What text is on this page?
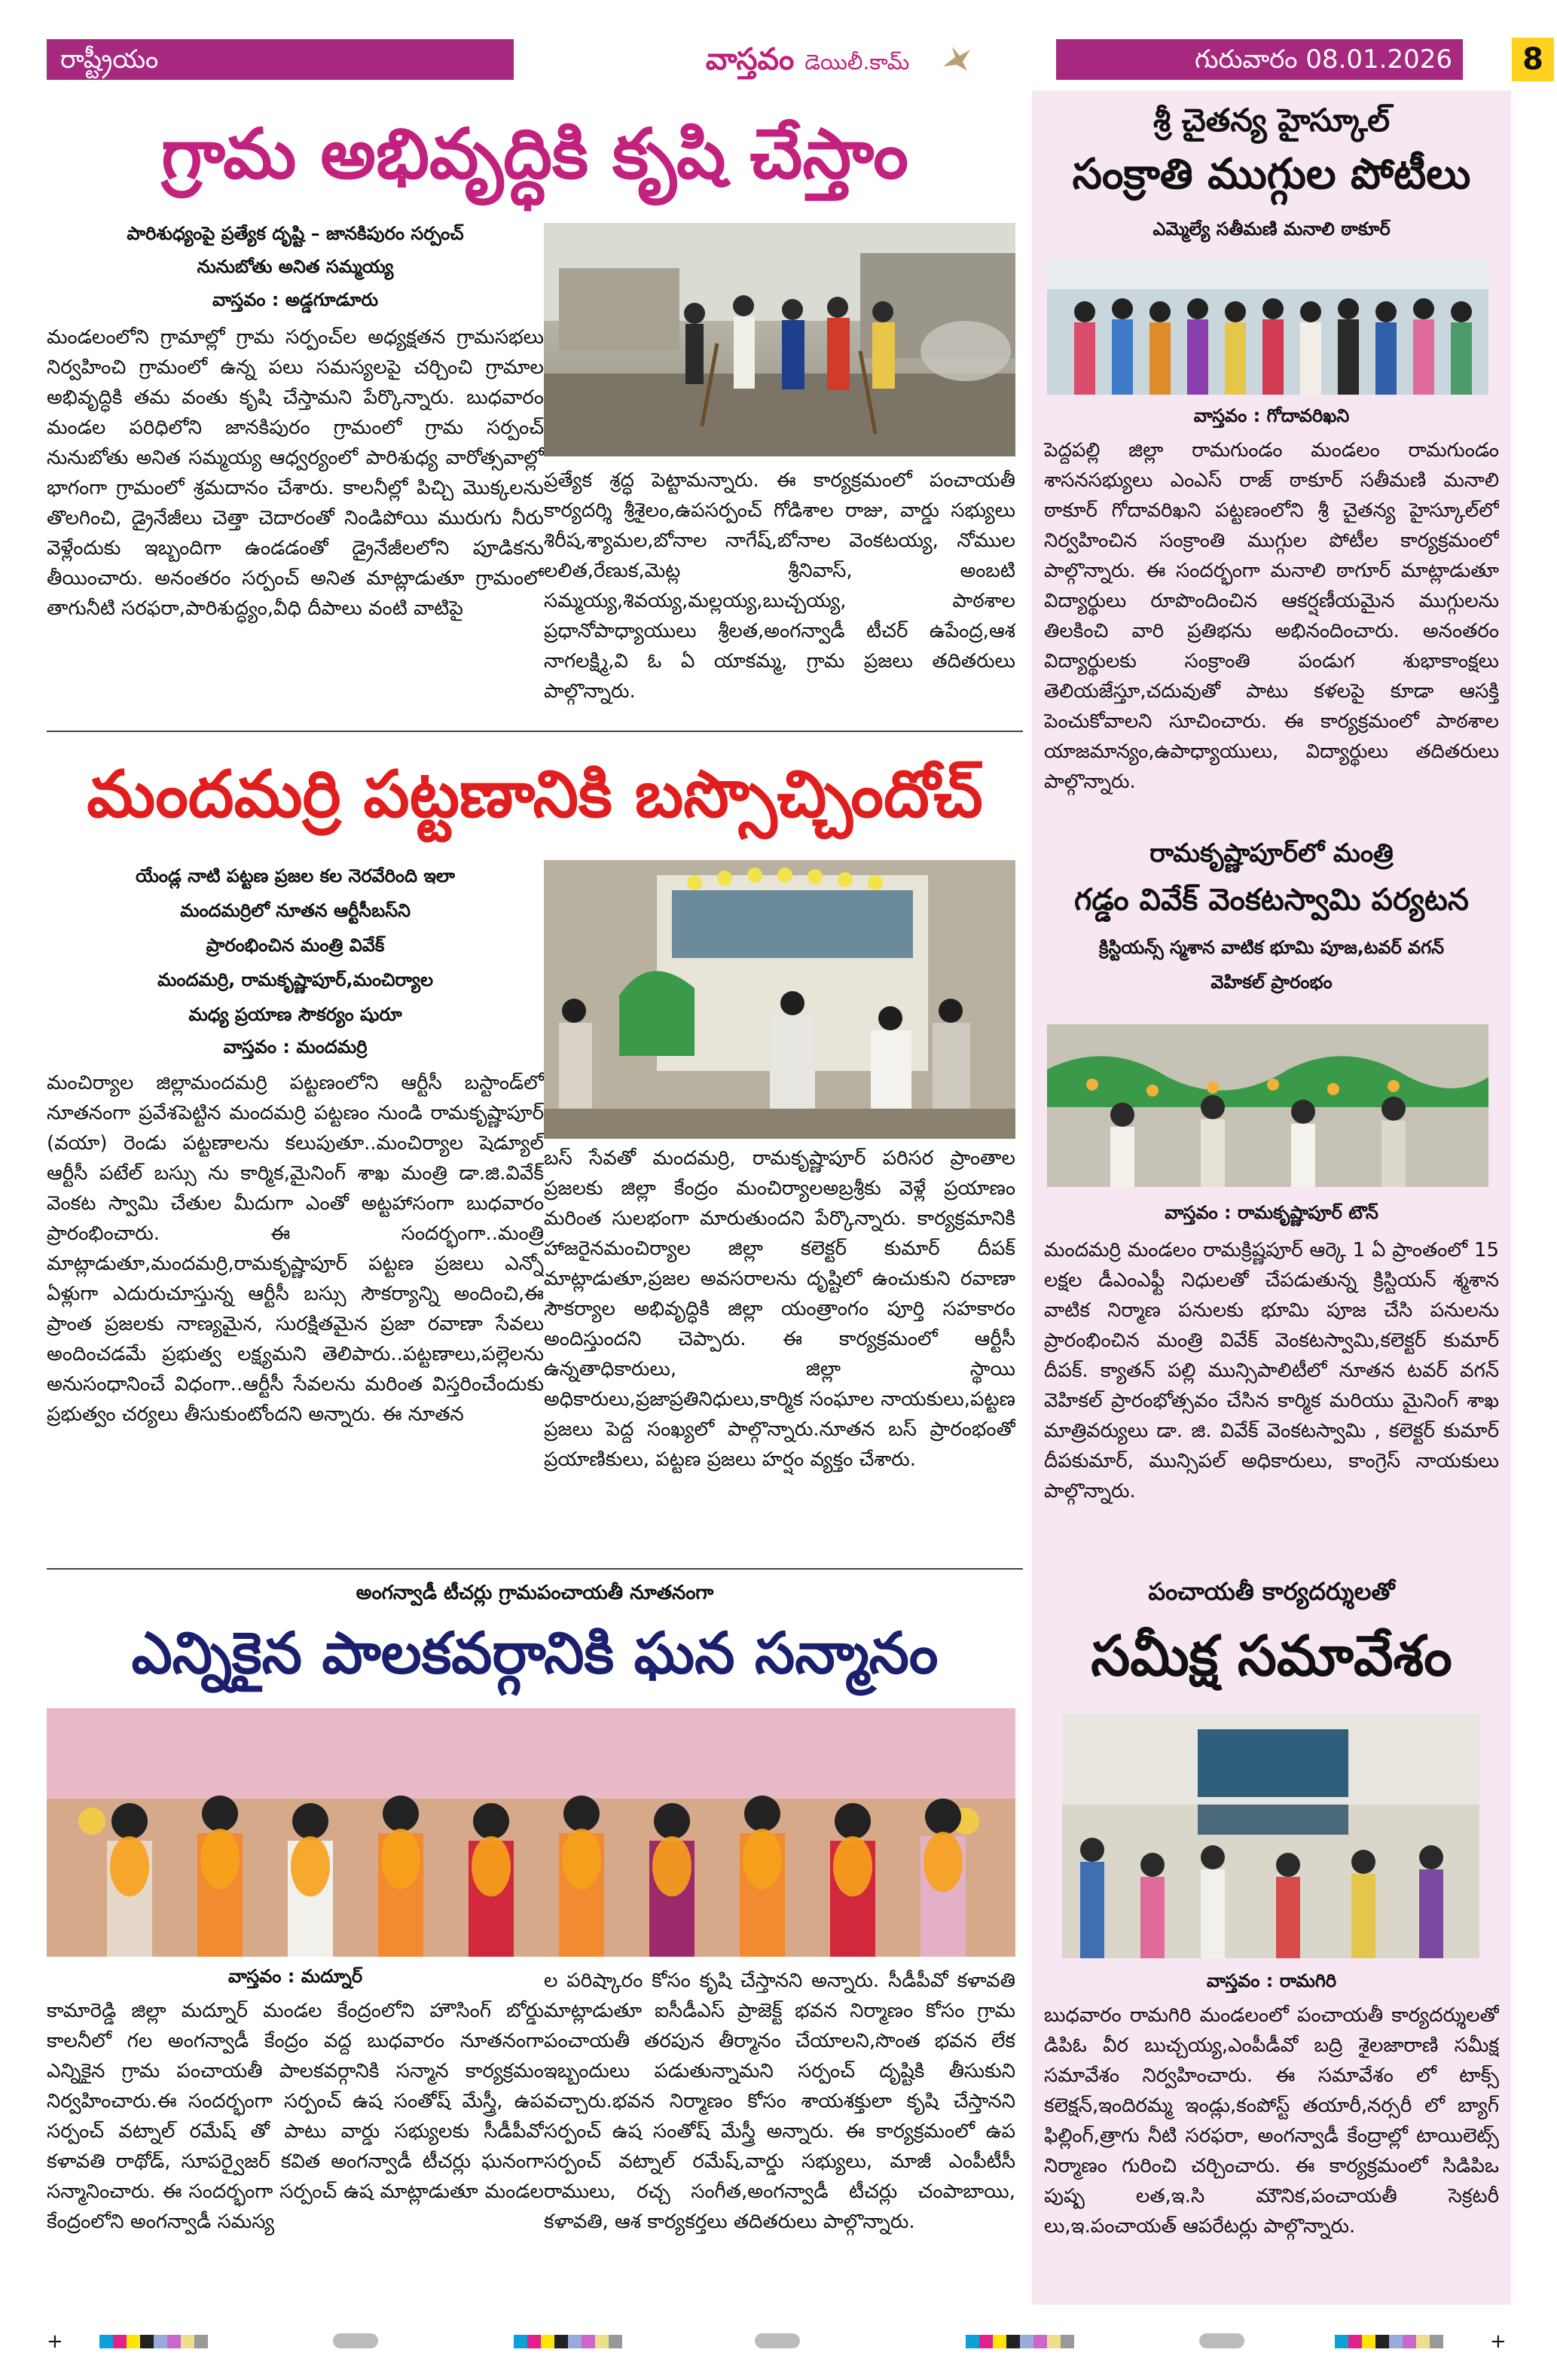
రాష్ట్రీయం	వాస్తవం డెయిలీ.కామ్	గురువారం 08.01.2026	8
గ్రామ అభివృద్ధికి కృషి చేస్తాం
పారిశుధ్యంపై ప్రత్యేక దృష్టి – జానకిపురం సర్పంచ్
నునుబోతు అనిత సమ్మయ్య
వాస్తవం : అడ్డగూడూరు
మండలంలోని గ్రామాల్లో గ్రామ సర్పంచ్‌ల అధ్యక్షతన గ్రామసభలు నిర్వహించి గ్రామంలో ఉన్న పలు సమస్యలపై చర్చించి గ్రామాల అభివృద్ధికి తమ వంతు కృషి చేస్తామని పేర్కొన్నారు. బుధవారం మండల పరిధిలోని జానకిపురం గ్రామంలో గ్రామ సర్పంచ్ నునుబోతు అనిత సమ్మయ్య ఆధ్వర్యంలో పారిశుధ్య వారోత్సవాల్లో భాగంగా గ్రామంలో శ్రమదానం చేశారు. కాలనీల్లో పిచ్చి మొక్కలను తొలగించి, డ్రైనేజీలు చెత్తా చెదారంతో నిండిపోయి మురుగు నీరు వెళ్లేందుకు ఇబ్బందిగా ఉండడంతో డ్రైనేజీలలోని పూడికను తీయించారు. అనంతరం సర్పంచ్ అనిత మాట్లాడుతూ గ్రామంలో తాగునీటి సరఫరా,పారిశుద్ధ్యం,వీధి దీపాలు వంటి వాటిపై
ప్రత్యేక శ్రద్ధ పెట్టామన్నారు. ఈ కార్యక్రమంలో పంచాయతీ కార్యదర్శి శ్రీశైలం,ఉపసర్పంచ్ గోడిశాల రాజు, వార్డు సభ్యులు శిరీష,శ్యామల,బోనాల నాగేష్,బోనాల వెంకటయ్య, నోముల లలిత,రేణుక,మెట్ల శ్రీనివాస్, అంబటి సమ్మయ్య,శివయ్య,మల్లయ్య,బుచ్చయ్య, పాఠశాల ప్రధానోపాధ్యాయులు శ్రీలత,అంగన్వాడీ టీచర్ ఉపేంద్ర,ఆశ నాగలక్ష్మి,వి ఓ ఏ యాకమ్మ, గ్రామ ప్రజలు తదితరులు పాల్గొన్నారు.
మందమర్రి పట్టణానికి బస్సొచ్చిందోచ్
యేండ్ల నాటి పట్టణ ప్రజల కల నెరవేరింది ఇలా
మందమర్రిలో నూతన ఆర్టీసీబస్‌ని
ప్రారంభించిన మంత్రి వివేక్
మందమర్రి, రామకృష్ణాపూర్,మంచిర్యాల
మధ్య ప్రయాణ సౌకర్యం షురూ
వాస్తవం : మందమర్రి
మంచిర్యాల జిల్లామందమర్రి పట్టణంలోని ఆర్టీసీ బస్టాండ్‌లో నూతనంగా ప్రవేశపెట్టిన మందమర్రి పట్టణం నుండి రామకృష్ణాపూర్ (వయా) రెండు పట్టణాలను కలుపుతూ..మంచిర్యాల షెడ్యూల్ ఆర్టీసీ పటేల్ బస్సు ను కార్మిక,మైనింగ్ శాఖ మంత్రి డా.జి.వివేక్ వెంకట స్వామి చేతుల మీదుగా ఎంతో అట్టహాసంగా బుధవారం ప్రారంభించారు. ఈ సందర్భంగా..మంత్రి మాట్లాడుతూ,మందమర్రి,రామకృష్ణాపూర్ పట్టణ ప్రజలు ఎన్నో ఏళ్లుగా ఎదురుచూస్తున్న ఆర్టీసీ బస్సు సౌకర్యాన్ని అందించి,ఈ ప్రాంత ప్రజలకు నాణ్యమైన, సురక్షితమైన ప్రజా రవాణా సేవలు అందించడమే ప్రభుత్వ లక్ష్యమని తెలిపారు..పట్టణాలు,పల్లెలను అనుసంధానించే విధంగా..ఆర్టీసీ సేవలను మరింత విస్తరించేందుకు ప్రభుత్వం చర్యలు తీసుకుంటోందని అన్నారు. ఈ నూతన
బస్ సేవతో మందమర్రి, రామకృష్ణాపూర్ పరిసర ప్రాంతాల ప్రజలకు జిల్లా కేంద్రం మంచిర్యాలఅబ్రశ్రీకు వెళ్లే ప్రయాణం మరింత సులభంగా మారుతుందని పేర్కొన్నారు. కార్యక్రమానికి హాజరైనమంచిర్యాల జిల్లా కలెక్టర్ కుమార్ దీపక్ మాట్లాడుతూ,ప్రజల అవసరాలను దృష్టిలో ఉంచుకుని రవాణా సౌకర్యాల అభివృద్ధికి జిల్లా యంత్రాంగం పూర్తి సహకారం అందిస్తుందని చెప్పారు. ఈ కార్యక్రమంలో ఆర్టీసీ ఉన్నతాధికారులు, జిల్లా స్థాయి అధికారులు,ప్రజాప్రతినిధులు,కార్మిక సంఘాల నాయకులు,పట్టణ ప్రజలు పెద్ద సంఖ్యలో పాల్గొన్నారు.నూతన బస్ ప్రారంభంతో ప్రయాణికులు, పట్టణ ప్రజలు హర్షం వ్యక్తం చేశారు.
అంగన్వాడీ టీచర్లు గ్రామపంచాయతీ నూతనంగా
ఎన్నికైన పాలకవర్గానికి ఘన సన్మానం
వాస్తవం : మద్నూర్
కామారెడ్డి జిల్లా మద్నూర్ మండల కేంద్రంలోని హౌసింగ్ బోర్డు కాలనీలో గల అంగన్వాడీ కేంద్రం వద్ద బుధవారం నూతనంగా ఎన్నికైన గ్రామ పంచాయతీ పాలకవర్గానికి సన్మాన కార్యక్రమం నిర్వహించారు.ఈ సందర్భంగా సర్పంచ్ ఉష సంతోష్ మేస్త్రీ, ఉప సర్పంచ్ వట్నాల్ రమేష్ తో పాటు వార్డు సభ్యులకు సీడీపీవో కళావతి రాథోడ్, సూపర్వైజర్ కవిత అంగన్వాడీ టీచర్లు ఘనంగా సన్మానించారు. ఈ సందర్భంగా సర్పంచ్ ఉష మాట్లాడుతూ మండల కేంద్రంలోని అంగన్వాడీ సమస్య
ల పరిష్కారం కోసం కృషి చేస్తానని అన్నారు. సీడీపీవో కళావతి మాట్లాడుతూ ఐసీడీఎస్ ప్రాజెక్ట్ భవన నిర్మాణం కోసం గ్రామ పంచాయతీ తరపున తీర్మానం చేయాలని,సొంత భవన లేక ఇబ్బందులు పడుతున్నామని సర్పంచ్ దృష్టికి తీసుకుని వచ్చారు.భవన నిర్మాణం కోసం శాయశక్తులా కృషి చేస్తానని సర్పంచ్ ఉష సంతోష్ మేస్త్రీ అన్నారు. ఈ కార్యక్రమంలో ఉప సర్పంచ్ వట్నాల్ రమేష్,వార్డు సభ్యులు, మాజీ ఎంపీటీసీ రాములు, రచ్చ సంగీత,అంగన్వాడీ టీచర్లు చంపాబాయి, కళావతి, ఆశ కార్యకర్తలు తదితరులు పాల్గొన్నారు.
శ్రీ చైతన్య హైస్కూల్
సంక్రాతి ముగ్గుల పోటీలు
ఎమ్మెల్యే సతీమణి మనాలి ఠాకూర్
వాస్తవం : గోదావరిఖని
పెద్దపల్లి జిల్లా రామగుండం మండలం రామగుండం శాసనసభ్యులు ఎంఎస్ రాజ్ ఠాకూర్ సతీమణి మనాలి ఠాకూర్ గోదావరిఖని పట్టణంలోని శ్రీ చైతన్య హైస్కూల్‌లో నిర్వహించిన సంక్రాంతి ముగ్గుల పోటీల కార్యక్రమంలో పాల్గొన్నారు. ఈ సందర్భంగా మనాలి ఠాగూర్ మాట్లాడుతూ విద్యార్థులు రూపొందించిన ఆకర్షణీయమైన ముగ్గులను తిలకించి వారి ప్రతిభను అభినందించారు. అనంతరం విద్యార్థులకు సంక్రాంతి పండుగ శుభాకాంక్షలు తెలియజేస్తూ,చదువుతో పాటు కళలపై కూడా ఆసక్తి పెంచుకోవాలని సూచించారు. ఈ కార్యక్రమంలో పాఠశాల యాజమాన్యం,ఉపాధ్యాయులు, విద్యార్థులు తదితరులు పాల్గొన్నారు.
రామకృష్ణాపూర్‌లో మంత్రి
గడ్డం వివేక్ వెంకటస్వామి పర్యటన
క్రిస్టియన్స్ స్మశాన వాటిక భూమి పూజ,టవర్ వగన్
వెహికల్ ప్రారంభం
వాస్తవం : రామకృష్ణాపూర్ టౌన్
మందమర్రి మండలం రామక్రిష్ణపూర్ ఆర్కె 1 ఏ ప్రాంతంలో 15 లక్షల డీఎంఎఫ్టీ నిధులతో చేపడుతున్న క్రిస్టియన్ శ్మశాన వాటిక నిర్మాణ పనులకు భూమి పూజ చేసి పనులను ప్రారంభించిన మంత్రి వివేక్ వెంకటస్వామి,కలెక్టర్ కుమార్ దీపక్. క్యాతన్ పల్లి మున్సిపాలిటీలో నూతన టవర్ వగన్ వెహికల్ ప్రారంభోత్సవం చేసిన కార్మిక మరియు మైనింగ్ శాఖ మాత్రివర్యులు డా. జి. వివేక్ వెంకటస్వామి , కలెక్టర్ కుమార్ దీపకుమార్, మున్సిపల్ అధికారులు, కాంగ్రెస్ నాయకులు పాల్గొన్నారు.
పంచాయతీ కార్యదర్శులతో
సమీక్ష సమావేశం
వాస్తవం : రామగిరి
బుధవారం రామగిరి మండలంలో పంచాయతీ కార్యదర్శులతో డిపిఓ వీర బుచ్చయ్య,ఎంపీడీవో బద్రి శైలజారాణి సమీక్ష సమావేశం నిర్వహించారు. ఈ సమావేశం లో టాక్స్ కలెక్షన్,ఇందిరమ్మ ఇండ్లు,కంపోస్ట్ తయారీ,నర్సరీ లో బ్యాగ్ ఫిల్లింగ్,త్రాగు నీటి సరఫరా, అంగన్వాడీ కేంద్రాల్లో టాయిలెట్స్ నిర్మాణం గురించి చర్చించారు. ఈ కార్యక్రమంలో సిడిపిఒ పుష్ప లత,ఇ.సి మౌనిక,పంచాయతీ సెక్రటరీ లు,ఇ.పంచాయత్ ఆపరేటర్లు పాల్గొన్నారు.
+	+
